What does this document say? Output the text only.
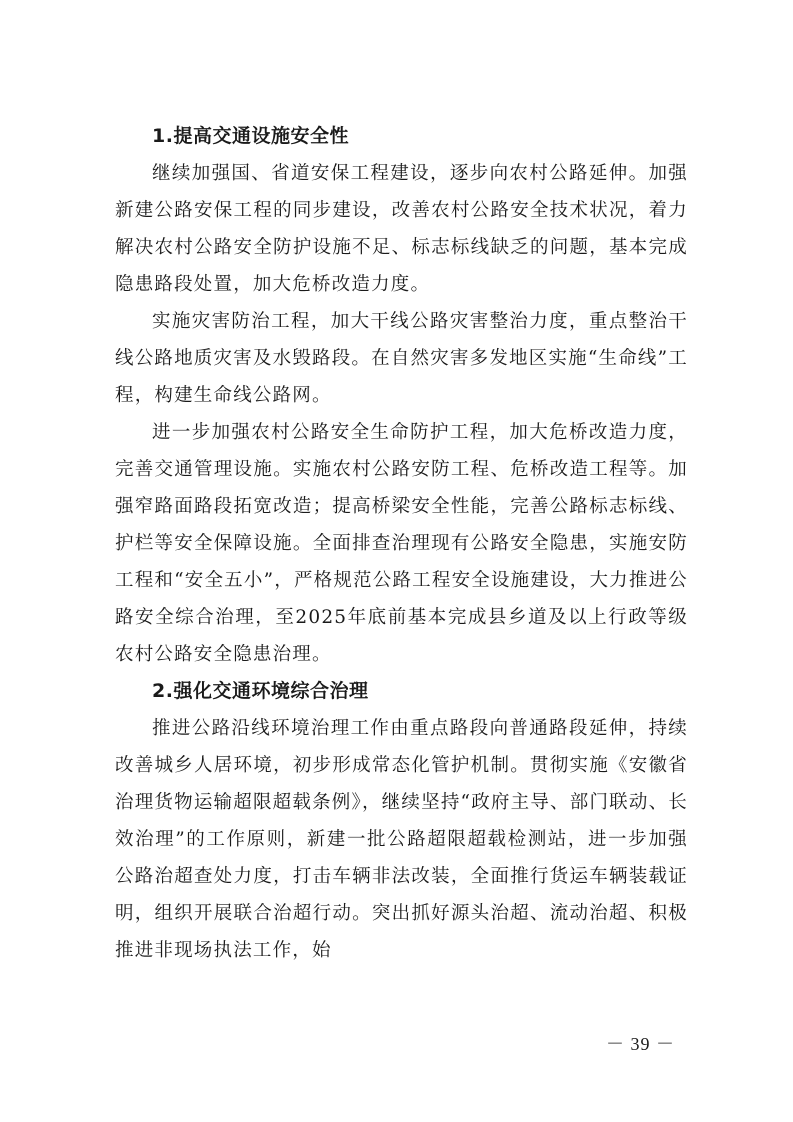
1.提高交通设施安全性

继续加强国、省道安保工程建设，逐步向农村公路延伸。加强新建公路安保工程的同步建设，改善农村公路安全技术状况，着力解决农村公路安全防护设施不足、标志标线缺乏的问题，基本完成隐患路段处置，加大危桥改造力度。

实施灾害防治工程，加大干线公路灾害整治力度，重点整治干线公路地质灾害及水毁路段。在自然灾害多发地区实施“生命线”工程，构建生命线公路网。

进一步加强农村公路安全生命防护工程，加大危桥改造力度，完善交通管理设施。实施农村公路安防工程、危桥改造工程等。加强窄路面路段拓宽改造；提高桥梁安全性能，完善公路标志标线、护栏等安全保障设施。全面排查治理现有公路安全隐患，实施安防工程和“安全五小”，严格规范公路工程安全设施建设，大力推进公路安全综合治理，至2025年底前基本完成县乡道及以上行政等级农村公路安全隐患治理。

2.强化交通环境综合治理

推进公路沿线环境治理工作由重点路段向普通路段延伸，持续改善城乡人居环境，初步形成常态化管护机制。贯彻实施《安徽省治理货物运输超限超载条例》，继续坚持“政府主导、部门联动、长效治理”的工作原则，新建一批公路超限超载检测站，进一步加强公路治超查处力度，打击车辆非法改装，全面推行货运车辆装载证明，组织开展联合治超行动。突出抓好源头治超、流动治超、积极推进非现场执法工作，始

－ 39 －
